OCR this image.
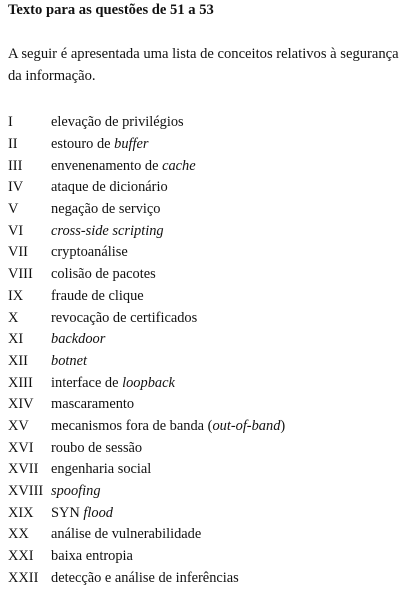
Texto para as questões de 51 a 53
A seguir é apresentada uma lista de conceitos relativos à segurança da informação.
I	elevação de privilégios
II	estouro de buffer
III	envenenamento de cache
IV	ataque de dicionário
V	negação de serviço
VI	cross-side scripting
VII	cryptoanálise
VIII	colisão de pacotes
IX	fraude de clique
X	revocação de certificados
XI	backdoor
XII	botnet
XIII	interface de loopback
XIV	mascaramento
XV	mecanismos fora de banda (out-of-band)
XVI	roubo de sessão
XVII engenharia social
XVIII spoofing
XIX	SYN flood
XX	análise de vulnerabilidade
XXI	baixa entropia
XXII detecção e análise de inferências
